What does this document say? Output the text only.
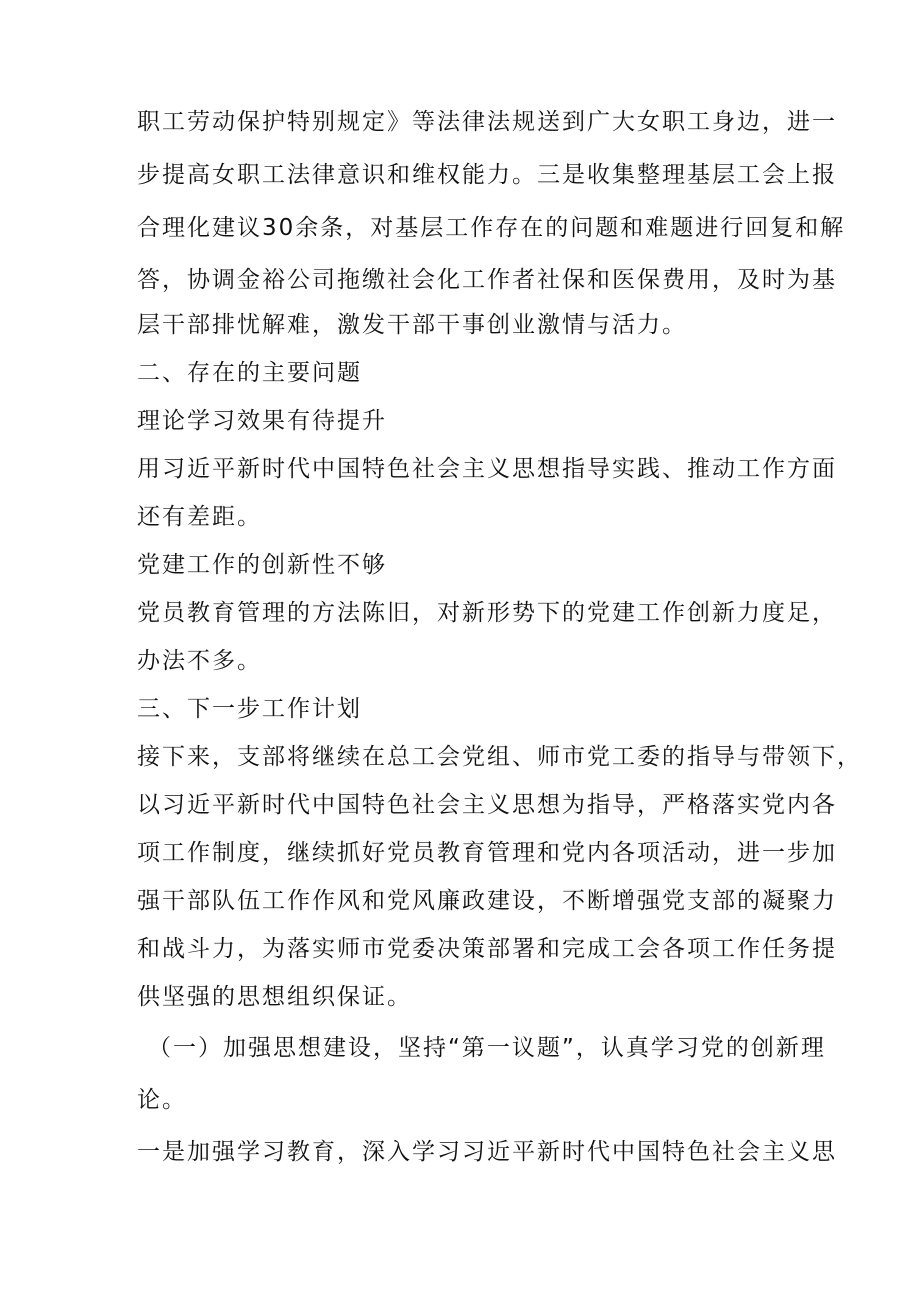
职工劳动保护特别规定》等法律法规送到广大女职工身边，进一
步提高女职工法律意识和维权能力。三是收集整理基层工会上报
合理化建议30余条，对基层工作存在的问题和难题进行回复和解
答，协调金裕公司拖缴社会化工作者社保和医保费用，及时为基
层干部排忧解难，激发干部干事创业激情与活力。
二、存在的主要问题
理论学习效果有待提升
用习近平新时代中国特色社会主义思想指导实践、推动工作方面
还有差距。
党建工作的创新性不够
党员教育管理的方法陈旧，对新形势下的党建工作创新力度足，
办法不多。
三、下一步工作计划
接下来，支部将继续在总工会党组、师市党工委的指导与带领下，
以习近平新时代中国特色社会主义思想为指导，严格落实党内各
项工作制度，继续抓好党员教育管理和党内各项活动，进一步加
强干部队伍工作作风和党风廉政建设，不断增强党支部的凝聚力
和战斗力，为落实师市党委决策部署和完成工会各项工作任务提
供坚强的思想组织保证。
（一）加强思想建设，坚持“第一议题”，认真学习党的创新理
论。
一是加强学习教育，深入学习习近平新时代中国特色社会主义思
